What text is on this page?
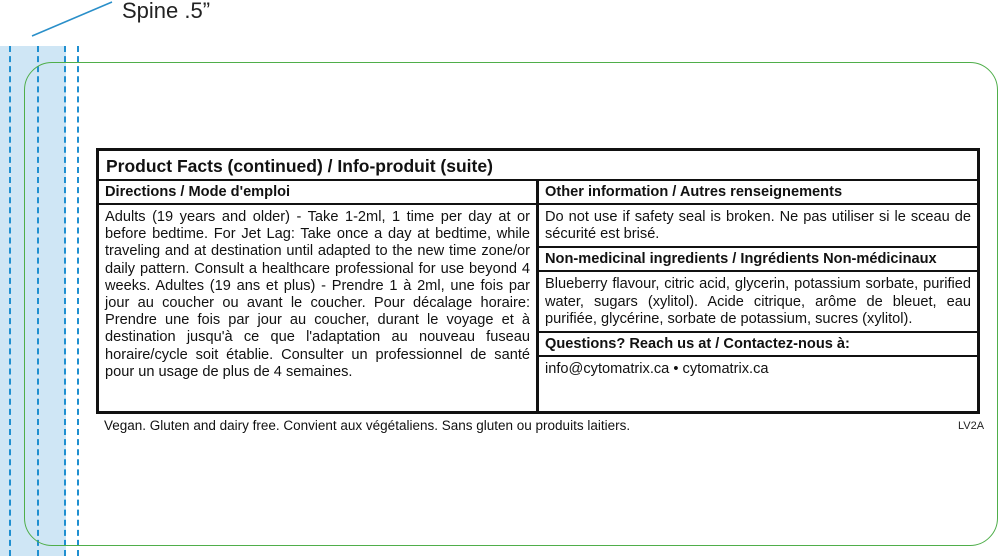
Spine .5”
Product Facts (continued) / Info-produit (suite)
Directions / Mode d'emploi
Adults (19 years and older) - Take 1-2ml, 1 time per day at or before bedtime. For Jet Lag: Take once a day at bedtime, while traveling and at destination until adapted to the new time zone/or daily pattern. Consult a healthcare professional for use beyond 4 weeks. Adultes (19 ans et plus) - Prendre 1 à 2ml, une fois par jour au coucher ou avant le coucher. Pour décalage horaire: Prendre une fois par jour au coucher, durant le voyage et à destination jusqu'à ce que l'adaptation au nouveau fuseau horaire/cycle soit établie. Consulter un professionnel de santé pour un usage de plus de 4 semaines.
Other information / Autres renseignements
Do not use if safety seal is broken. Ne pas utiliser si le sceau de sécurité est brisé.
Non-medicinal ingredients / Ingrédients Non-médicinaux
Blueberry flavour, citric acid, glycerin, potassium sorbate, purified water, sugars (xylitol). Acide citrique, arôme de bleuet, eau purifiée, glycérine, sorbate de potassium, sucres (xylitol).
Questions? Reach us at / Contactez-nous à:
info@cytomatrix.ca • cytomatrix.ca
Vegan. Gluten and dairy free. Convient aux végétaliens. Sans gluten ou produits laitiers.	LV2A
